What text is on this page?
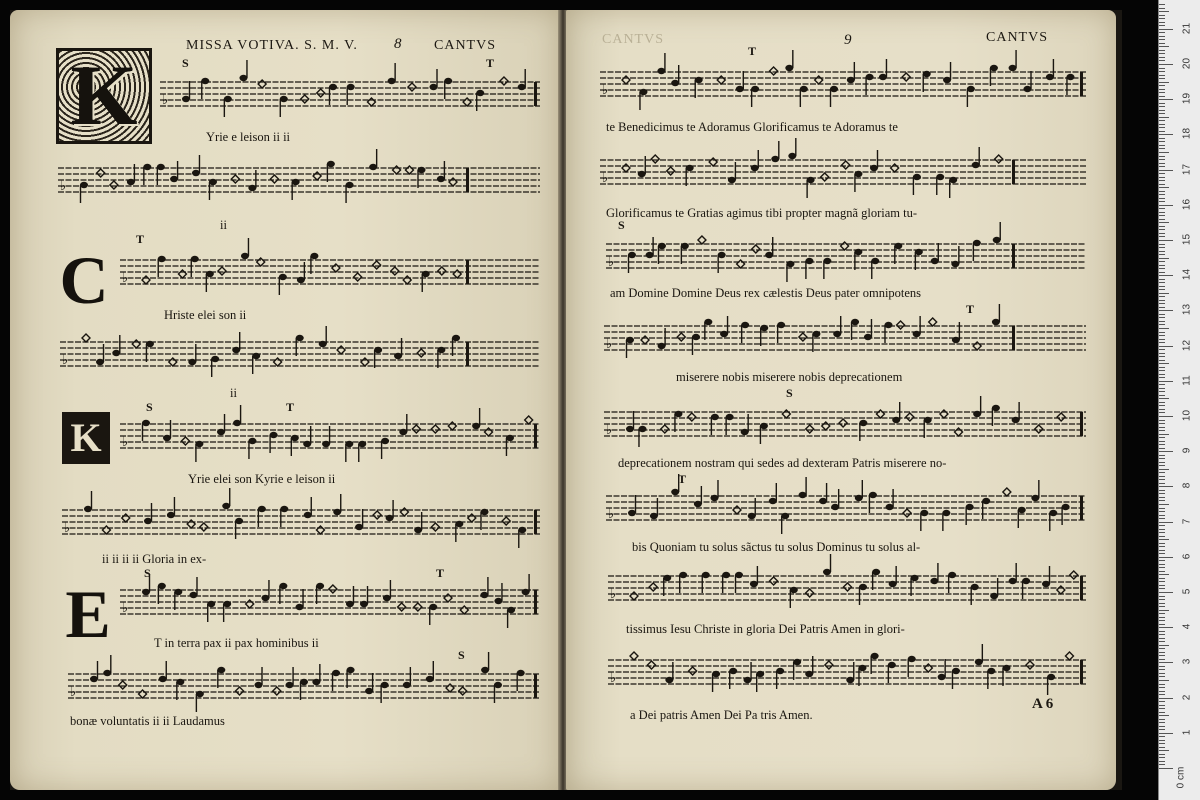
MISSA VOTIVA. S. M. V. 8 CANTVS
K	S	T
♭
Yrie e leison ii ii
♭
ii
C
T
♭
Hriste elei son ii
♭
ii
K
S	T
♭
Yrie elei son Kyrie e leison ii
♭
ii ii ii ii Gloria in ex-
E
S	T
♭
T in terra pax ii pax hominibus ii
S
♭
bonæ voluntatis ii ii Laudamus
CANTVS	9	CANTVS
T
♭
te Benedicimus te Adoramus Glorificamus te Adoramus te
♭
Glorificamus te Gratias agimus tibi propter magnã gloriam tu-
S
♭
am Domine Domine Deus rex cælestis Deus pater omnipotens
T
♭
miserere nobis miserere nobis deprecationem
S
♭
deprecationem nostram qui sedes ad dexteram Patris miserere no-
T
♭
bis Quoniam tu solus sãctus tu solus Dominus tu solus al-
♭
tissimus Iesu Christe in gloria Dei Patris Amen in glori-
♭
a Dei patris Amen Dei Pa tris Amen.
A 6
0 cm
1
2
3
4
5
6
7
8
9
10
11
12
13
14
15
16
17
18
19
20
21
